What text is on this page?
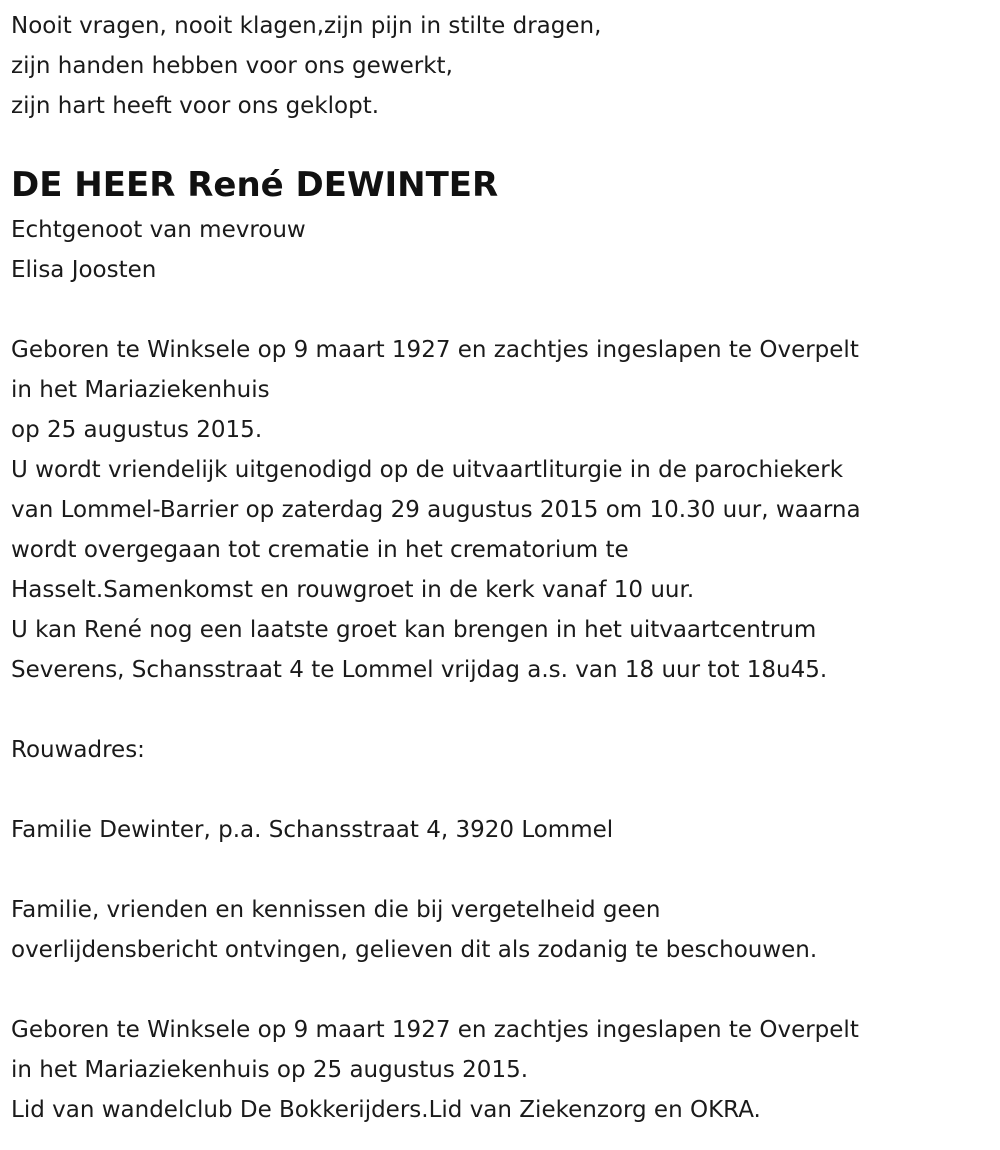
Nooit vragen, nooit klagen,zijn pijn in stilte dragen,
zijn handen hebben voor ons gewerkt,
zijn hart heeft voor ons geklopt.
DE HEER René DEWINTER
Echtgenoot van mevrouw
Elisa Joosten
Geboren te Winksele op 9 maart 1927 en zachtjes ingeslapen te Overpelt
in het Mariaziekenhuis
op 25 augustus 2015.
U wordt vriendelijk uitgenodigd op de uitvaartliturgie in de parochiekerk
van Lommel-Barrier op zaterdag 29 augustus 2015 om 10.30 uur, waarna
wordt overgegaan tot crematie in het crematorium te
Hasselt.Samenkomst en rouwgroet in de kerk vanaf 10 uur.
U kan René nog een laatste groet kan brengen in het uitvaartcentrum
Severens, Schansstraat 4 te Lommel vrijdag a.s. van 18 uur tot 18u45.
Rouwadres:
Familie Dewinter, p.a. Schansstraat 4, 3920 Lommel
Familie, vrienden en kennissen die bij vergetelheid geen
overlijdensbericht ontvingen, gelieven dit als zodanig te beschouwen.
Geboren te Winksele op 9 maart 1927 en zachtjes ingeslapen te Overpelt
in het Mariaziekenhuis op 25 augustus 2015.
Lid van wandelclub De Bokkerijders.Lid van Ziekenzorg en OKRA.
